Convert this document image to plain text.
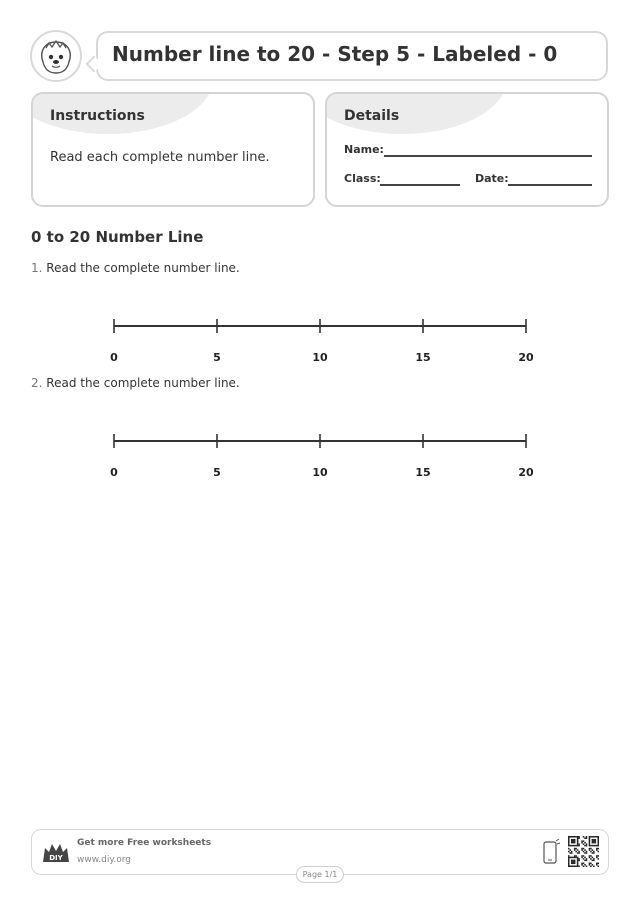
Number line to 20 - Step 5 - Labeled - 0
Instructions
Read each complete number line.
Details
Name:
Class:	Date:
0 to 20 Number Line
1. Read the complete number line.
0	5	10	15	20
2. Read the complete number line.
0	5	10	15	20
DIY
Get more Free worksheets
www.diy.org
Page 1/1
